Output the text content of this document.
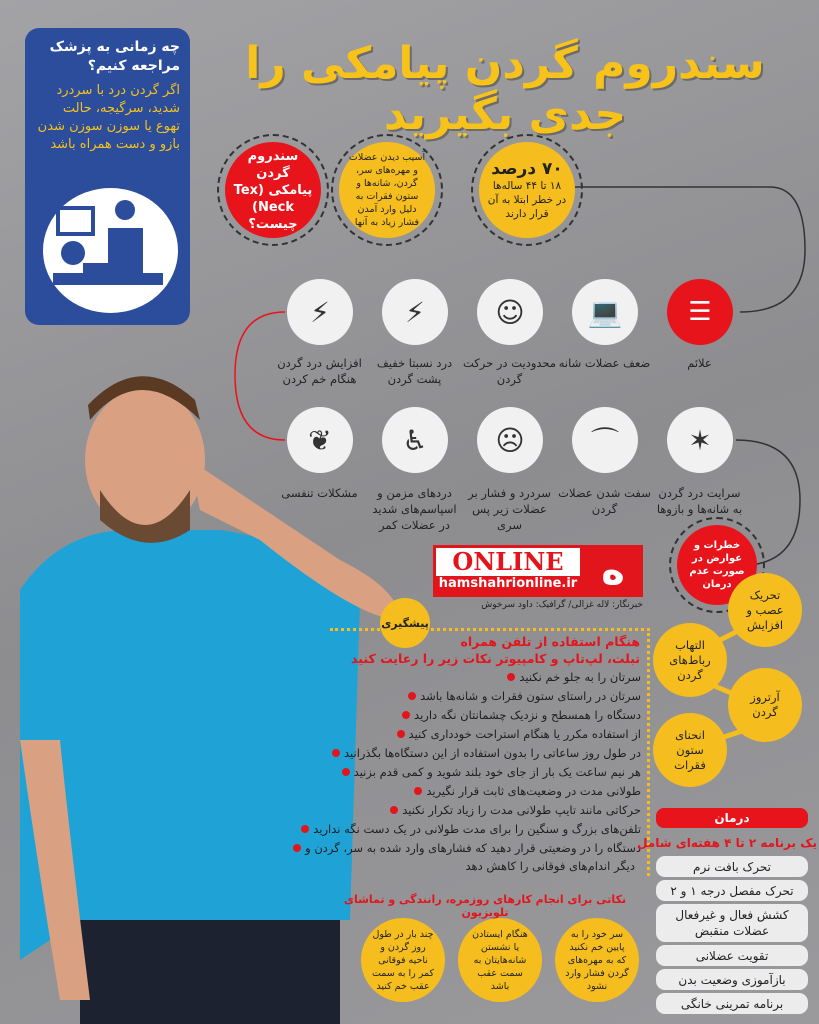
چه زمانی به پزشک مراجعه کنیم؟

اگر گردن درد با سردرد شدید، سرگیجه، حالت تهوع یا سوزن سوزن شدن بازو و دست همراه باشد

سندروم گردن پیامکی را جدی بگیرید
سندروم گردن پیامکی (Tex Neck) چیست؟
آسیب دیدن عضلات و مهره‌های سر، گردن، شانه‌ها و ستون فقرات به دلیل وارد آمدن فشار زیاد به آنها
۷۰ درصد
۱۸ تا ۴۴ ساله‌ها در خطر ابتلا به آن قرار دارند
☰
علائم
💻
ضعف عضلات شانه
☺
محدودیت در حرکت گردن
⚡
درد نسبتا خفیف پشت گردن
⚡
افزایش درد گردن هنگام خم کردن
✶
سرایت درد گردن به شانه‌ها و بازوها
⌒
سفت شدن عضلات گردن
☹
سردرد و فشار بر عضلات زیر پس سری
♿
دردهای مزمن و اسپاسم‌های شدید در عضلات کمر
❦
مشکلات تنفسی
خطرات و عوارض در صورت عدم درمان
تحریک عصب و افزایش
التهاب رباط‌های گردن
آرتروز گردن
انحنای ستون فقرات
ه
ONLINE
hamshahrionline.ir
خبرنگار: لاله غزالی/ گرافیک: داود سرخوش
پیشگیری
هنگام استفاده از تلفن همراه
تبلت، لپ‌تاپ و کامپیوتر نکات زیر را رعایت کنید
سرتان را به جلو خم نکنید
سرتان در راستای ستون فقرات و شانه‌ها باشد
دستگاه را همسطح و نزدیک چشمانتان نگه دارید
از استفاده مکرر یا هنگام استراحت خودداری کنید
در طول روز ساعاتی را بدون استفاده از این دستگاه‌ها بگذرانید
هر نیم ساعت یک بار از جای خود بلند شوید و کمی قدم بزنید
طولانی مدت در وضعیت‌های ثابت قرار نگیرید
حرکاتی مانند تایپ طولانی مدت را زیاد تکرار نکنید
تلفن‌های بزرگ و سنگین را برای مدت طولانی در یک دست نگه ندارید
دستگاه را در وضعیتی قرار دهید که فشارهای وارد شده به سر، گردن و
دیگر اندام‌های فوقانی را کاهش دهد
نکاتی برای انجام کارهای روزمره، رانندگی و تماشای تلویزیون
سر خود را به پایین خم نکنید که به مهره‌های گردن فشار وارد نشود
هنگام ایستادن یا نشستن شانه‌هایتان به سمت عقب باشد
چند بار در طول روز گردن و ناحیه فوقانی کمر را به سمت عقب خم کنید
درمان
یک برنامه ۲ تا ۴ هفته‌ای شامل
تحرک بافت نرم
تحرک مفصل درجه ۱ و ۲
کشش فعال و غیرفعال عضلات منقبض
تقویت عضلانی
بازآموزی وضعیت بدن
برنامه تمرینی خانگی
